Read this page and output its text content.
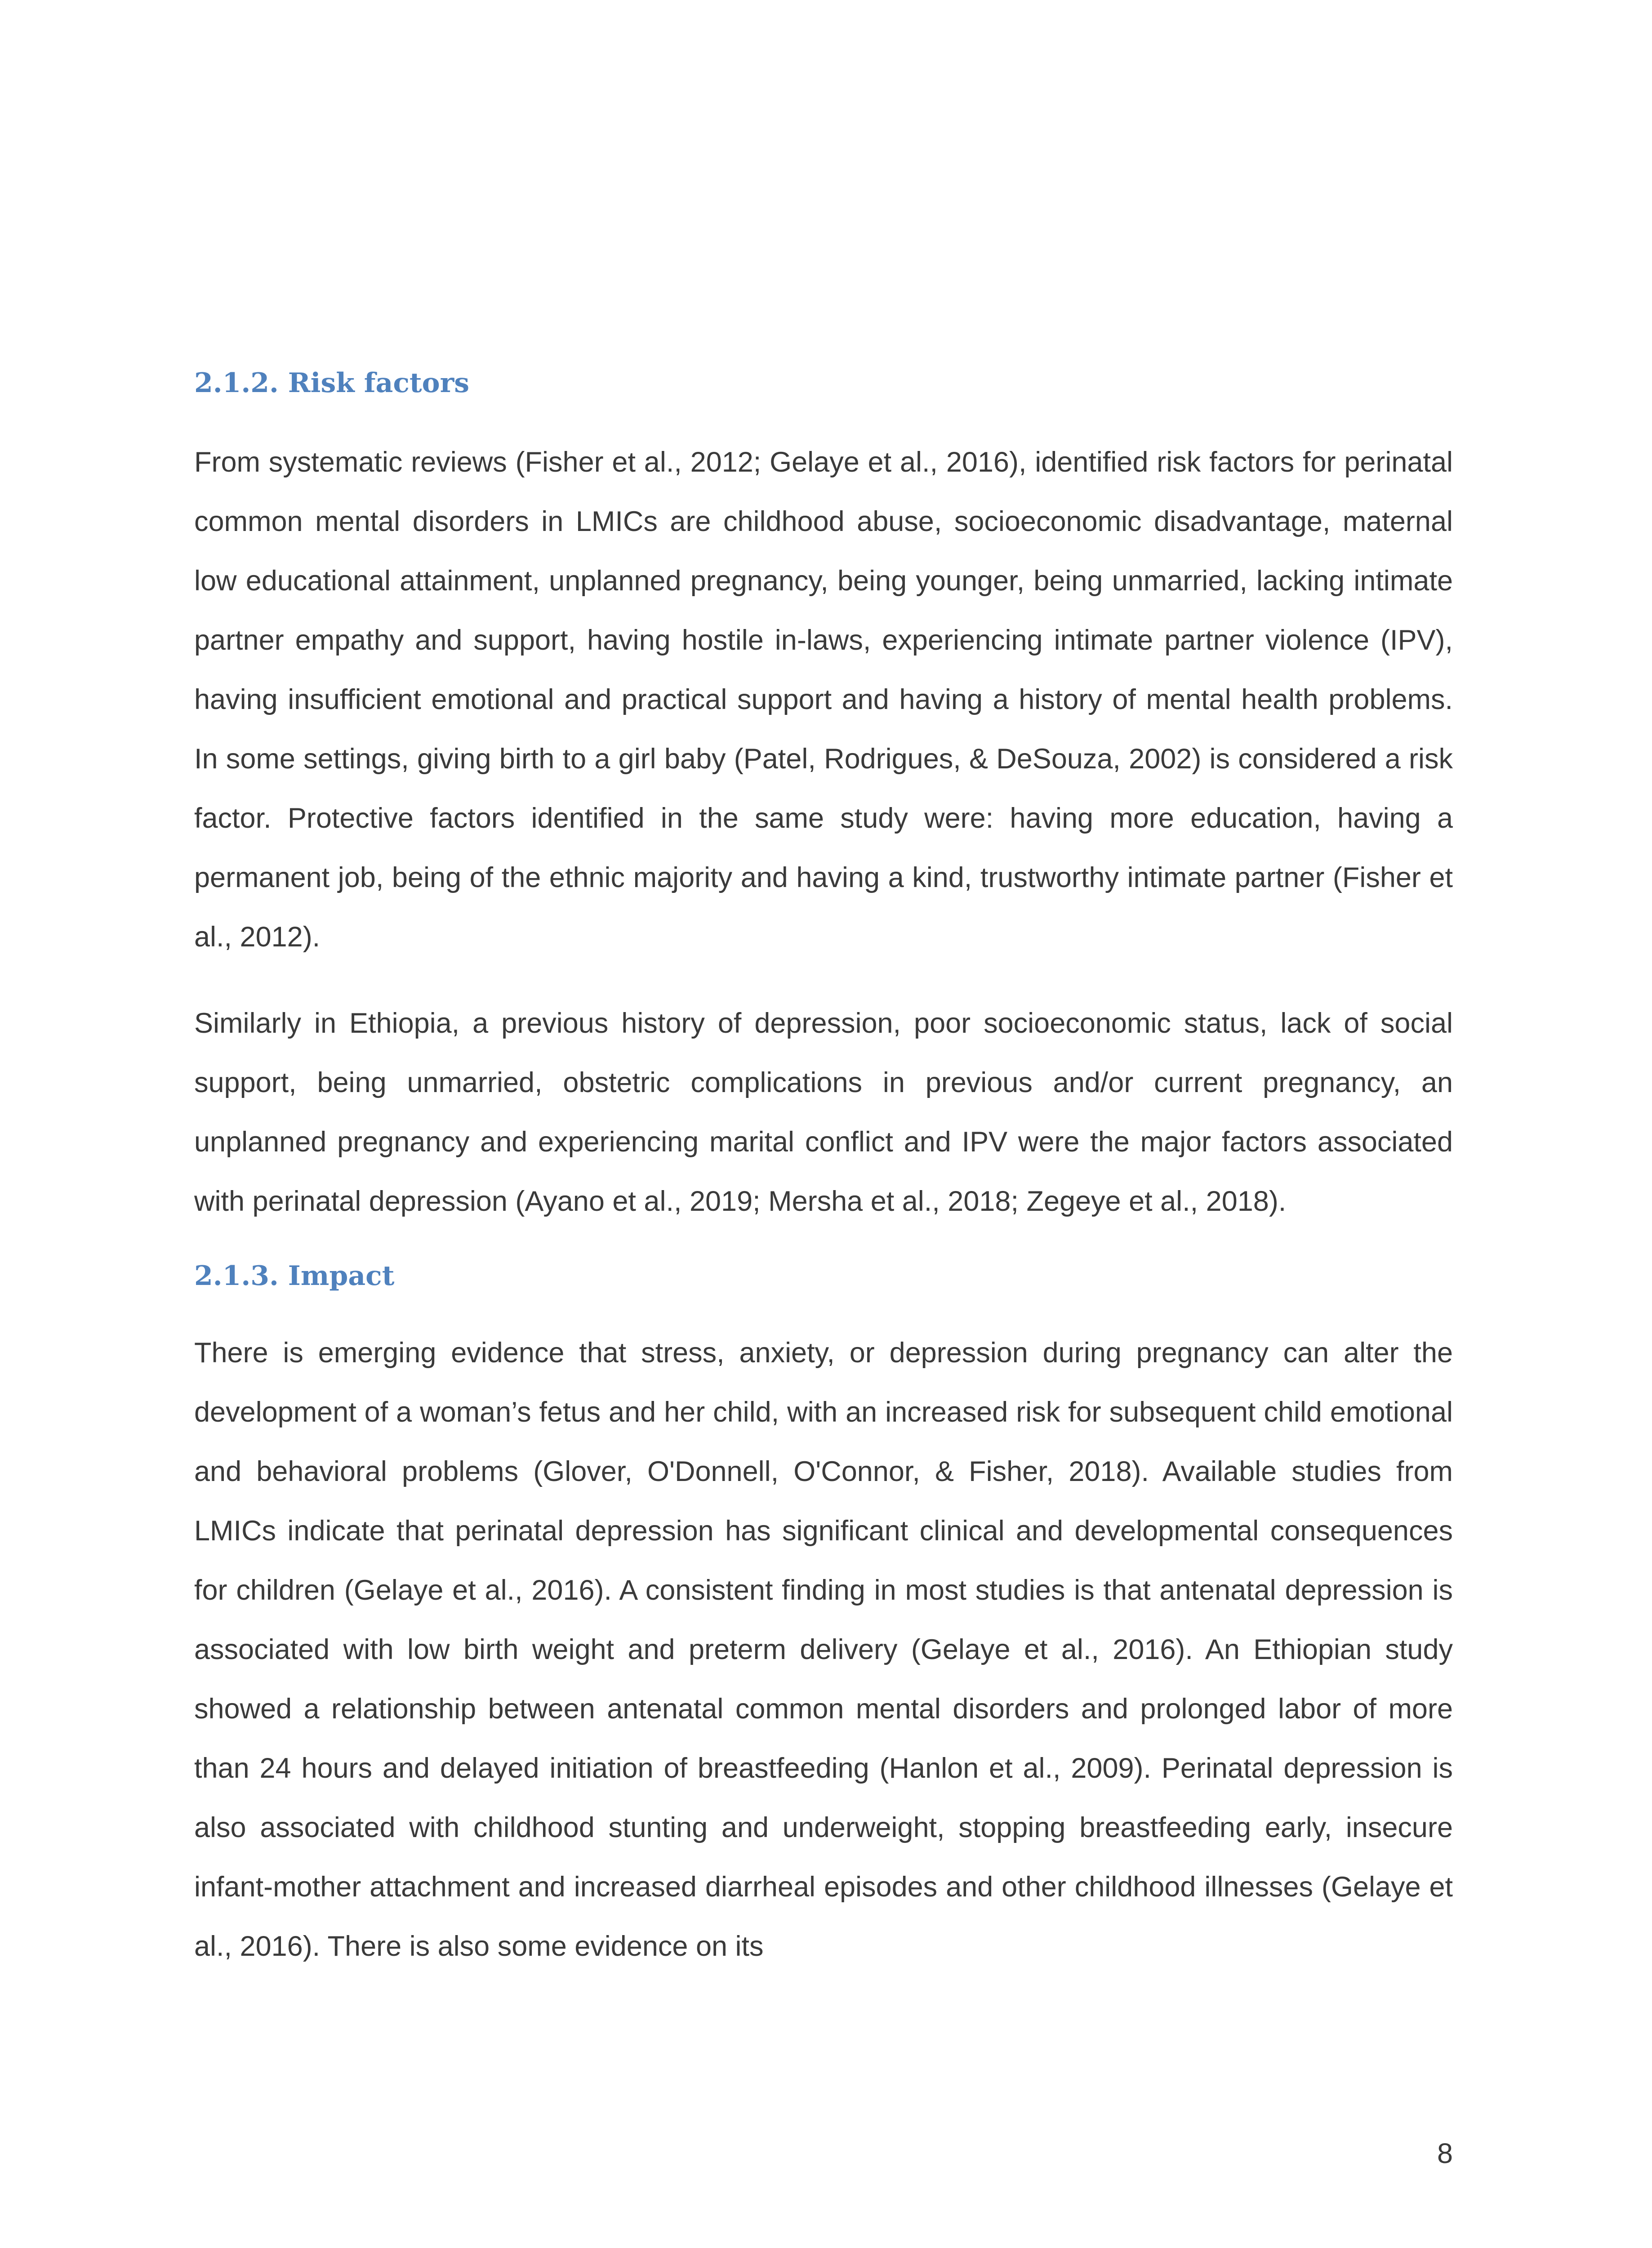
2.1.2. Risk factors

From systematic reviews (Fisher et al., 2012; Gelaye et al., 2016), identified risk factors for perinatal common mental disorders in LMICs are childhood abuse, socioeconomic disadvantage, maternal low educational attainment, unplanned pregnancy, being younger, being unmarried, lacking intimate partner empathy and support, having hostile in-laws, experiencing intimate partner violence (IPV), having insufficient emotional and practical support and having a history of mental health problems. In some settings, giving birth to a girl baby (Patel, Rodrigues, & DeSouza, 2002) is considered a risk factor. Protective factors identified in the same study were: having more education, having a permanent job, being of the ethnic majority and having a kind, trustworthy intimate partner (Fisher et al., 2012).

Similarly in Ethiopia, a previous history of depression, poor socioeconomic status, lack of social support, being unmarried, obstetric complications in previous and/or current pregnancy, an unplanned pregnancy and experiencing marital conflict and IPV were the major factors associated with perinatal depression (Ayano et al., 2019; Mersha et al., 2018; Zegeye et al., 2018).

2.1.3. Impact

There is emerging evidence that stress, anxiety, or depression during pregnancy can alter the development of a woman’s fetus and her child, with an increased risk for subsequent child emotional and behavioral problems (Glover, O'Donnell, O'Connor, & Fisher, 2018). Available studies from LMICs indicate that perinatal depression has significant clinical and developmental consequences for children (Gelaye et al., 2016). A consistent finding in most studies is that antenatal depression is associated with low birth weight and preterm delivery (Gelaye et al., 2016). An Ethiopian study showed a relationship between antenatal common mental disorders and prolonged labor of more than 24 hours and delayed initiation of breastfeeding (Hanlon et al., 2009). Perinatal depression is also associated with childhood stunting and underweight, stopping breastfeeding early, insecure infant-mother attachment and increased diarrheal episodes and other childhood illnesses (Gelaye et al., 2016). There is also some evidence on its

8
